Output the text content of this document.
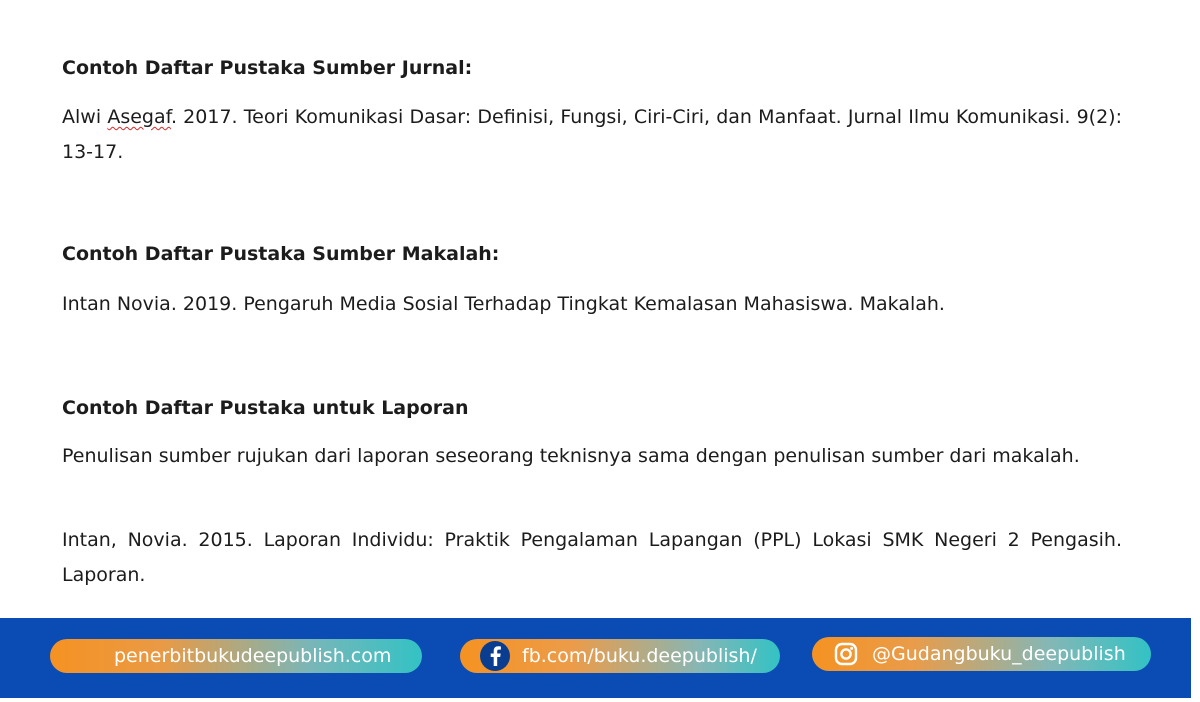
Contoh Daftar Pustaka Sumber Jurnal:
Alwi Asegaf. 2017. Teori Komunikasi Dasar: Definisi, Fungsi, Ciri-Ciri, dan Manfaat. Jurnal Ilmu Komunikasi. 9(2): 13-17.
Contoh Daftar Pustaka Sumber Makalah:
Intan Novia. 2019. Pengaruh Media Sosial Terhadap Tingkat Kemalasan Mahasiswa. Makalah.
Contoh Daftar Pustaka untuk Laporan
Penulisan sumber rujukan dari laporan seseorang teknisnya sama dengan penulisan sumber dari makalah.
Intan, Novia. 2015. Laporan Individu: Praktik Pengalaman Lapangan (PPL) Lokasi SMK Negeri 2 Pengasih. Laporan.
penerbitbukudeepublish.com	fb.com/buku.deepublish/	@Gudangbuku_deepublish
